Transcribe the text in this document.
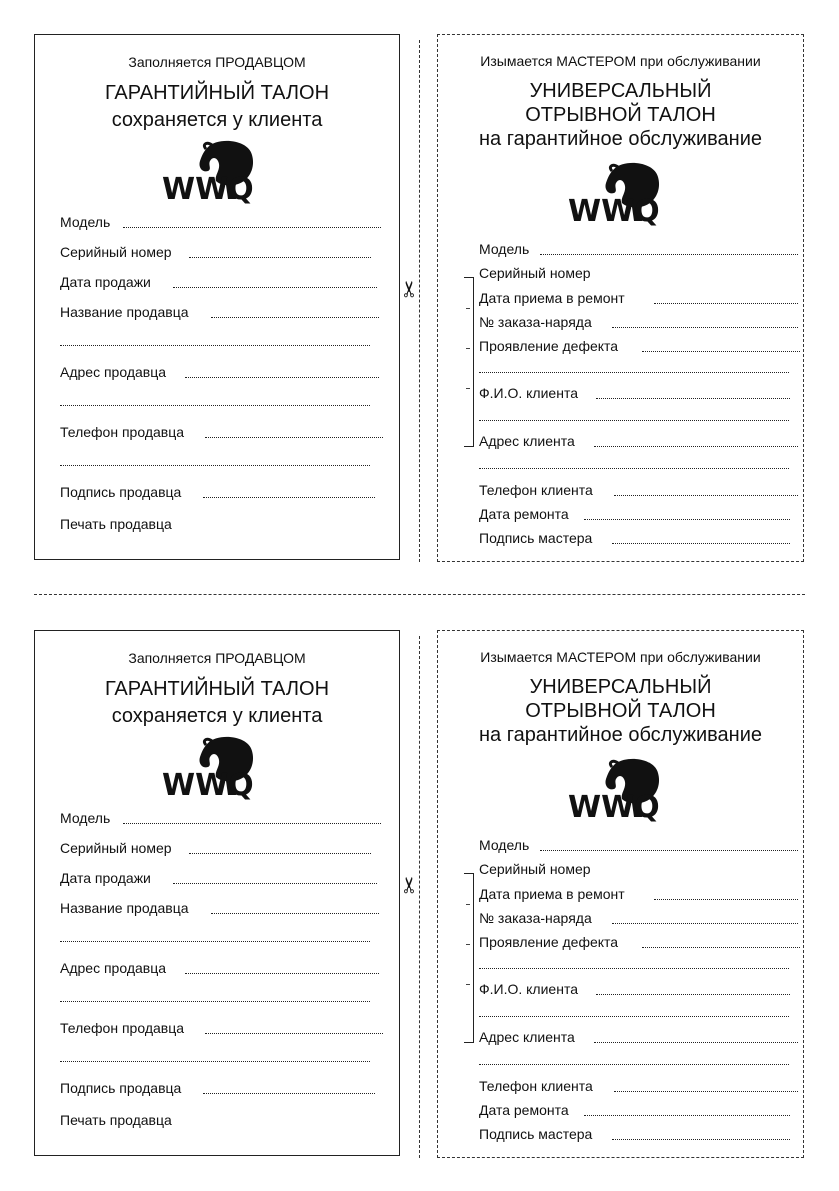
Заполняется ПРОДАВЦОМ
ГАРАНТИЙНЫЙ ТАЛОН
сохраняется у клиента
WWQ
Модель
Серийный номер
Дата продажи
Название продавца
Адрес продавца
Телефон продавца
Подпись продавца
Печать продавца
✂
Изымается МАСТЕРОМ при обслуживании
УНИВЕРСАЛЬНЫЙ
ОТРЫВНОЙ ТАЛОН
на гарантийное обслуживание
WWQ
Модель
Серийный номер
Дата приема в ремонт
№ заказа-наряда
Проявление дефекта
Ф.И.О. клиента
Адрес клиента
Телефон клиента
Дата ремонта
Подпись мастера
Заполняется ПРОДАВЦОМ
ГАРАНТИЙНЫЙ ТАЛОН
сохраняется у клиента
WWQ
Модель
Серийный номер
Дата продажи
Название продавца
Адрес продавца
Телефон продавца
Подпись продавца
Печать продавца
✂
Изымается МАСТЕРОМ при обслуживании
УНИВЕРСАЛЬНЫЙ
ОТРЫВНОЙ ТАЛОН
на гарантийное обслуживание
WWQ
Модель
Серийный номер
Дата приема в ремонт
№ заказа-наряда
Проявление дефекта
Ф.И.О. клиента
Адрес клиента
Телефон клиента
Дата ремонта
Подпись мастера
